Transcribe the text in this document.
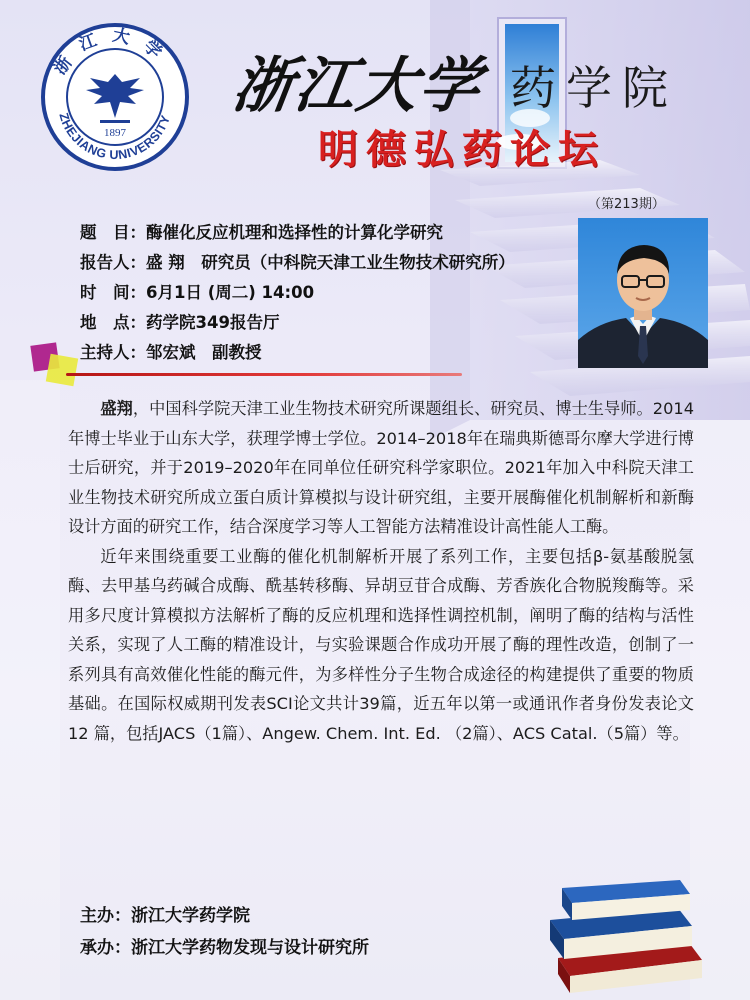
浙江大学
ZHEJIANG UNIVERSITY
1897
浙江大学 药学院
明德弘药论坛
（第213期）
题　目：酶催化反应机理和选择性的计算化学研究
报告人：盛 翔　研究员（中科院天津工业生物技术研究所）
时　间：6月1日 (周二) 14:00
地　点：药学院349报告厅
主持人：邹宏斌　副教授

盛翔，中国科学院天津工业生物技术研究所课题组长、研究员、博士生导师。2014年博士毕业于山东大学，获理学博士学位。2014–2018年在瑞典斯德哥尔摩大学进行博士后研究，并于2019–2020年在同单位任研究科学家职位。2021年加入中科院天津工业生物技术研究所成立蛋白质计算模拟与设计研究组，主要开展酶催化机制解析和新酶设计方面的研究工作，结合深度学习等人工智能方法精准设计高性能人工酶。

近年来围绕重要工业酶的催化机制解析开展了系列工作，主要包括β-氨基酸脱氢酶、去甲基乌药碱合成酶、酰基转移酶、异胡豆苷合成酶、芳香族化合物脱羧酶等。采用多尺度计算模拟方法解析了酶的反应机理和选择性调控机制，阐明了酶的结构与活性关系，实现了人工酶的精准设计，与实验课题合作成功开展了酶的理性改造，创制了一系列具有高效催化性能的酶元件，为多样性分子生物合成途径的构建提供了重要的物质基础。在国际权威期刊发表SCI论文共计39篇，近五年以第一或通讯作者身份发表论文 12 篇，包括JACS（1篇）、Angew. Chem. Int. Ed. （2篇）、ACS Catal.（5篇）等。

主办：浙江大学药学院
承办：浙江大学药物发现与设计研究所
